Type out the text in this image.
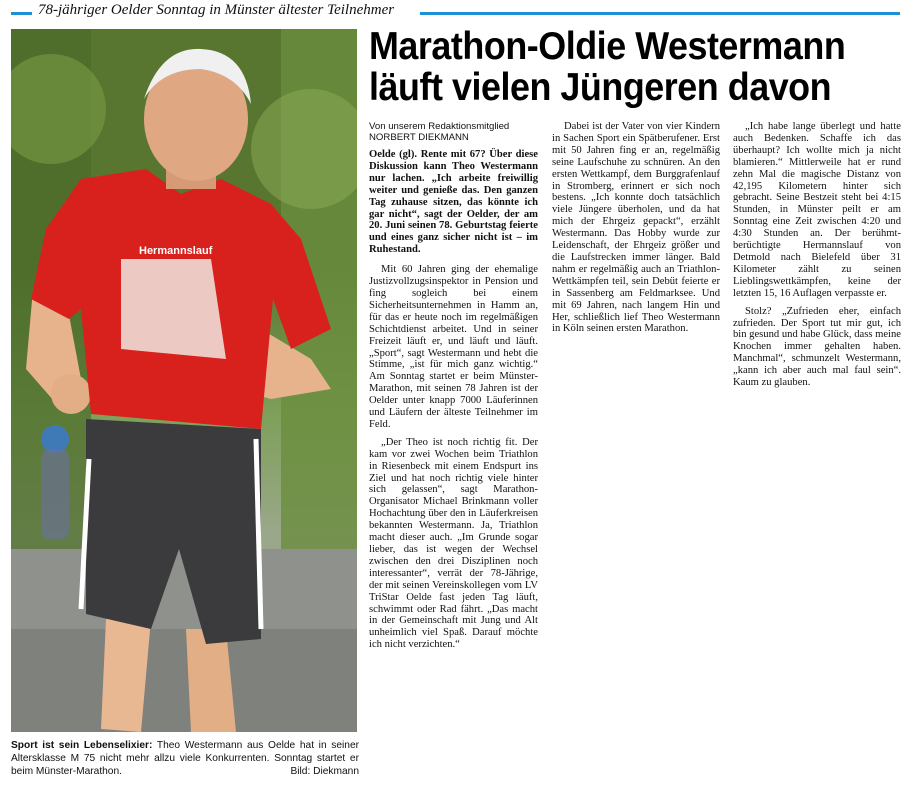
78-jähriger Oelder Sonntag in Münster ältester Teilnehmer
Hermannslauf
Sport ist sein Lebenselixier: Theo Westermann aus Oelde hat in seiner Altersklasse M 75 nicht mehr allzu viele Konkurrenten. Sonntag startet er beim Münster-Marathon.	Bild: Diekmann
Marathon-Oldie Westermann
läuft vielen Jüngeren davon

Von unserem Redaktionsmitglied
NORBERT DIEKMANN

Oelde (gl). Rente mit 67? Über diese Diskussion kann Theo Westermann nur lachen. „Ich arbeite freiwillig weiter und genieße das. Den ganzen Tag zuhause sitzen, das könnte ich gar nicht“, sagt der Oelder, der am 20. Juni seinen 78. Geburtstag feierte und eines ganz sicher nicht ist – im Ruhestand.

Mit 60 Jahren ging der ehemalige Justizvollzugsinspektor in Pension und fing sogleich bei einem Sicherheitsunternehmen in Hamm an, für das er heute noch im regelmäßigen Schichtdienst arbeitet. Und in seiner Freizeit läuft er, und läuft und läuft. „Sport“, sagt Westermann und hebt die Stimme, „ist für mich ganz wichtig.“ Am Sonntag startet er beim Münster-Marathon, mit seinen 78 Jahren ist der Oelder unter knapp 7000 Läuferinnen und Läufern der älteste Teilnehmer im Feld.

„Der Theo ist noch richtig fit. Der kam vor zwei Wochen beim Triathlon in Riesenbeck mit einem Endspurt ins Ziel und hat noch richtig viele hinter sich gelassen“, sagt Marathon-Organisator Michael Brinkmann voller Hochachtung über den in Läuferkreisen bekannten Westermann. Ja, Triathlon macht dieser auch. „Im Grunde sogar lieber, das ist wegen der Wechsel zwischen den drei Disziplinen noch interessanter“, verrät der 78-Jährige, der mit seinen Vereinskollegen vom LV TriStar Oelde fast jeden Tag läuft, schwimmt oder Rad fährt. „Das macht in der Gemeinschaft mit Jung und Alt unheimlich viel Spaß. Darauf möchte ich nicht verzichten.“

Dabei ist der Vater von vier Kindern in Sachen Sport ein Spätberufener. Erst mit 50 Jahren fing er an, regelmäßig seine Laufschuhe zu schnüren. An den ersten Wettkampf, dem Burggrafenlauf in Stromberg, erinnert er sich noch bestens. „Ich konnte doch tatsächlich viele Jüngere überholen, und da hat mich der Ehrgeiz gepackt“, erzählt Westermann. Das Hobby wurde zur Leidenschaft, der Ehrgeiz größer und die Laufstrecken immer länger. Bald nahm er regelmäßig auch an Triathlon-Wettkämpfen teil, sein Debüt feierte er in Sassenberg am Feldmarksee. Und mit 69 Jahren, nach langem Hin und Her, schließlich lief Theo Westermann in Köln seinen ersten Marathon.

„Ich habe lange überlegt und hatte auch Bedenken. Schaffe ich das überhaupt? Ich wollte mich ja nicht blamieren.“ Mittlerweile hat er rund zehn Mal die magische Distanz von 42,195 Kilometern hinter sich gebracht. Seine Bestzeit steht bei 4:15 Stunden, in Münster peilt er am Sonntag eine Zeit zwischen 4:20 und 4:30 Stunden an. Der berühmt-berüchtigte Hermannslauf von Detmold nach Bielefeld über 31 Kilometer zählt zu seinen Lieblingswettkämpfen, keine der letzten 15, 16 Auflagen verpasste er.

Stolz? „Zufrieden eher, einfach zufrieden. Der Sport tut mir gut, ich bin gesund und habe Glück, dass meine Knochen immer gehalten haben. Manchmal“, schmunzelt Westermann, „kann ich aber auch mal faul sein“. Kaum zu glauben.
